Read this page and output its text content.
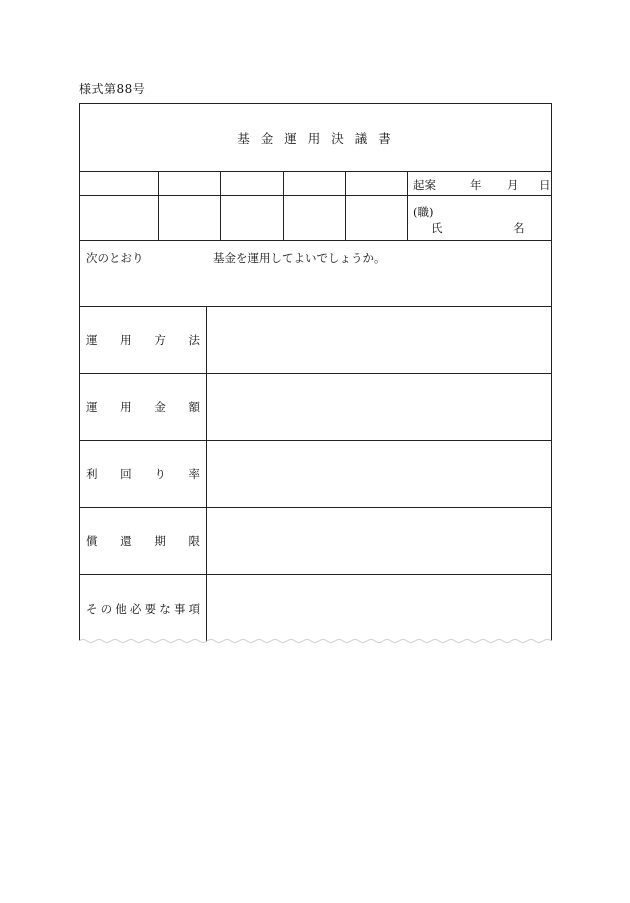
様式第88号
基金運用決議書
起案	年 月 日
(職)
氏	名
次のとおり	基金を運用してよいでしょうか。
運 用 方 法
運 用 金 額
利 回 り 率
償 還 期 限
そ の 他 必 要 な 事 項
